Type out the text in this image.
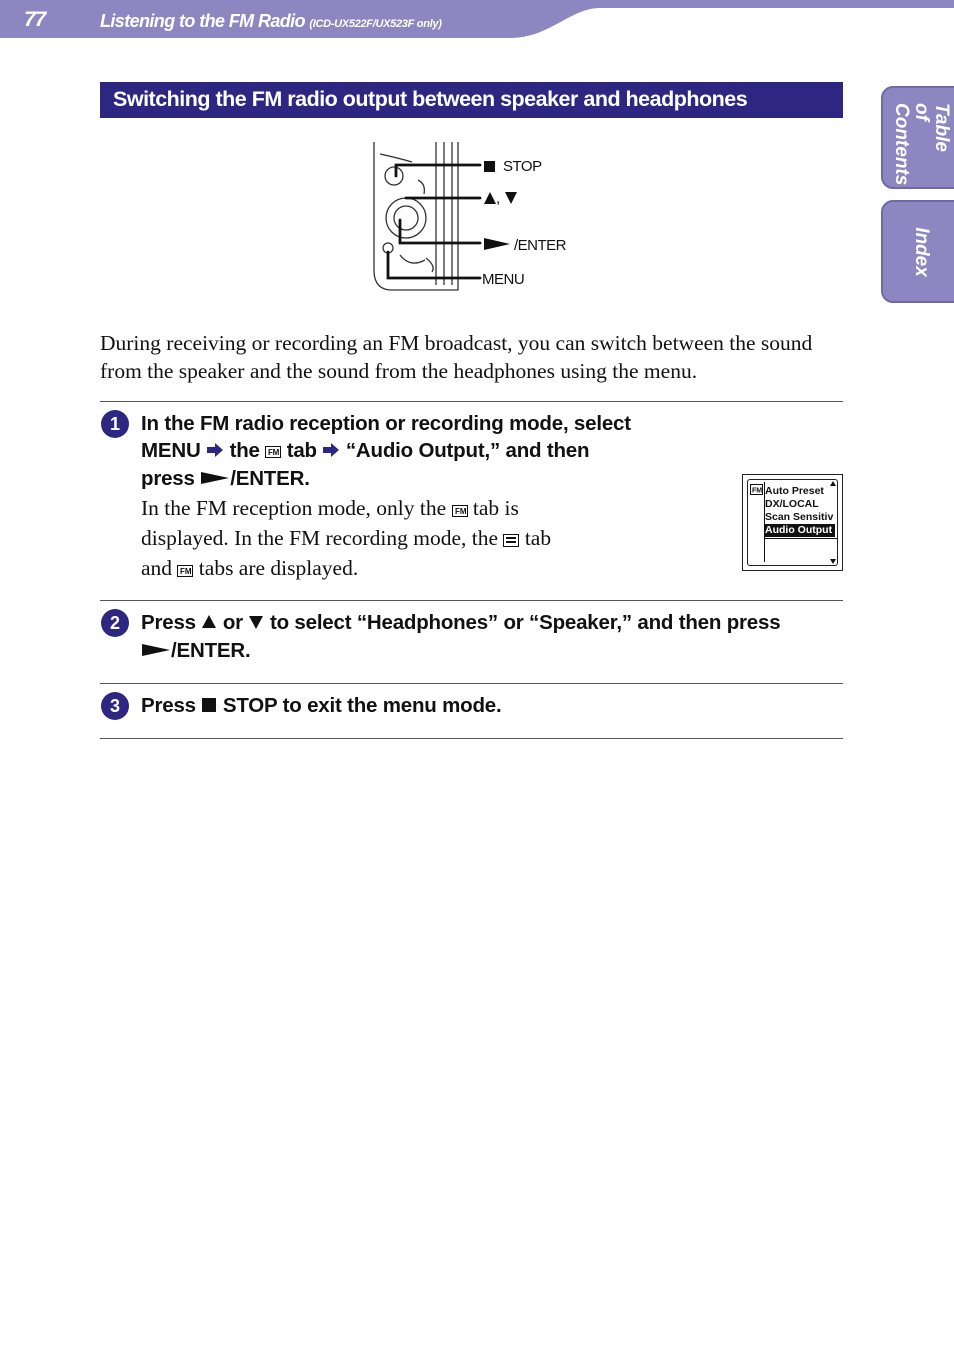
77	Listening to the FM Radio (ICD-UX522F/UX523F only)
Table of Contents
Index
Switching the FM radio output between speaker and headphones
STOP
,
/ENTER
MENU
During receiving or recording an FM broadcast, you can switch between the sound from the speaker and the sound from the headphones using the menu.
1	In the FM radio reception or recording mode, select
MENU the FM tab “Audio Output,” and then
press /ENTER.
In the FM reception mode, only the FM tab is
displayed. In the FM recording mode, the tab
and FM tabs are displayed.
FM Auto Preset
DX/LOCAL
Scan Sensitiv
Audio Output
2	Press or to select “Headphones” or “Speaker,” and then press
/ENTER.
3	Press STOP to exit the menu mode.
